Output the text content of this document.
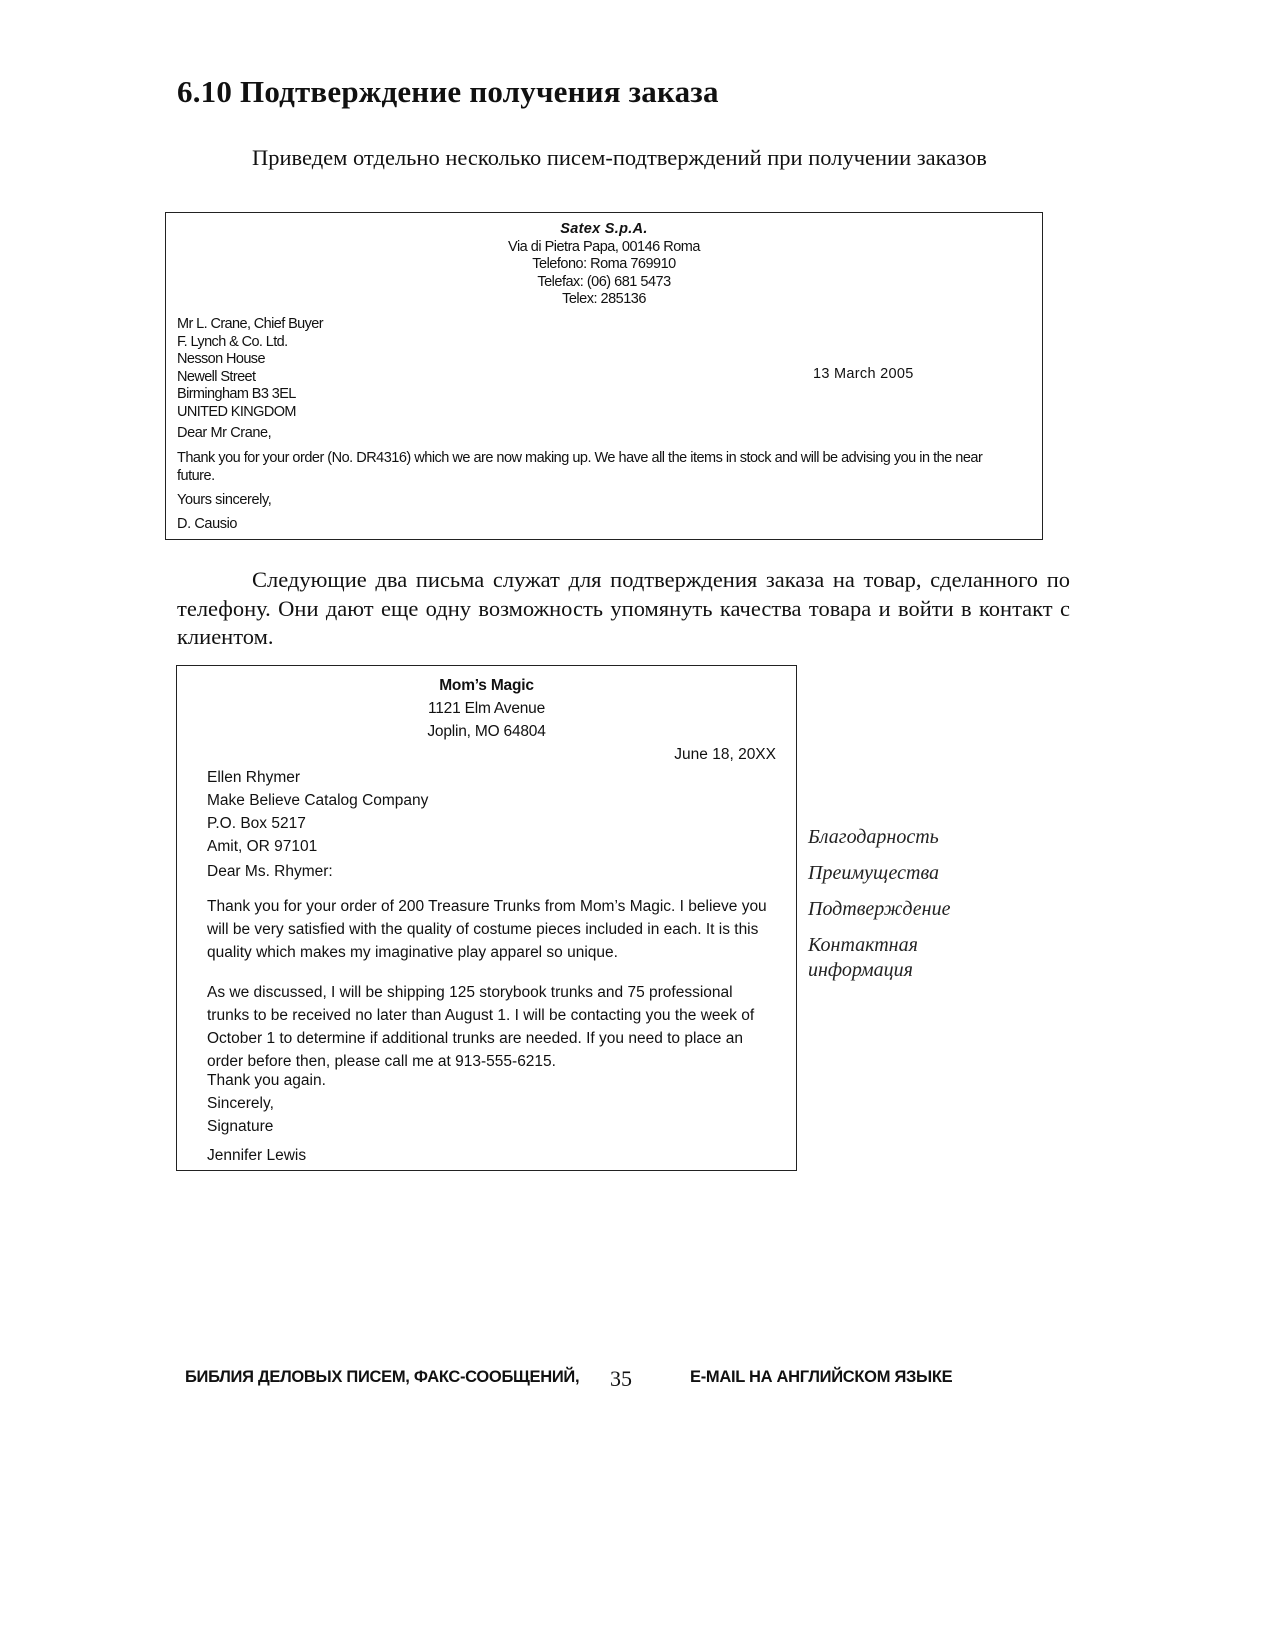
6.10 Подтверждение получения заказа

Приведем отдельно несколько писем-подтверждений при получении заказов

Satex S.p.A.
Via di Pietra Papa, 00146 Roma
Telefono: Roma 769910
Telefax: (06) 681 5473
Telex: 285136
Mr L. Crane, Chief Buyer
F. Lynch & Co. Ltd.
Nesson House
Newell Street
Birmingham B3 3EL
UNITED KINGDOM
13 March 2005
Dear Mr Crane,
Thank you for your order (No. DR4316) which we are now making up. We have all the items in stock and will be advising you in the near future.
Yours sincerely,
D. Causio

Следующие два письма служат для подтверждения заказа на товар, сделанного по телефону. Они дают еще одну возможность упомянуть качества товара и войти в контакт с клиентом.

Mom’s Magic
1121 Elm Avenue
Joplin, MO 64804
June 18, 20XX
Ellen Rhymer
Make Believe Catalog Company
P.O. Box 5217
Amit, OR 97101
Dear Ms. Rhymer:
Thank you for your order of 200 Treasure Trunks from Mom’s Magic. I believe you will be very satisfied with the quality of costume pieces included in each. It is this quality which makes my imaginative play apparel so unique.
As we discussed, I will be shipping 125 storybook trunks and 75 professional trunks to be received no later than August 1. I will be contacting you the week of October 1 to determine if additional trunks are needed. If you need to place an order before then, please call me at 913-555-6215.
Thank you again.
Sincerely,
Signature
Jennifer Lewis
Благодарность
Преимущества
Подтверждение
Контактная информация
БИБЛИЯ ДЕЛОВЫХ ПИСЕМ, ФАКС-СООБЩЕНИЙ, 35	E-MAIL НА АНГЛИЙСКОМ ЯЗЫКЕ
